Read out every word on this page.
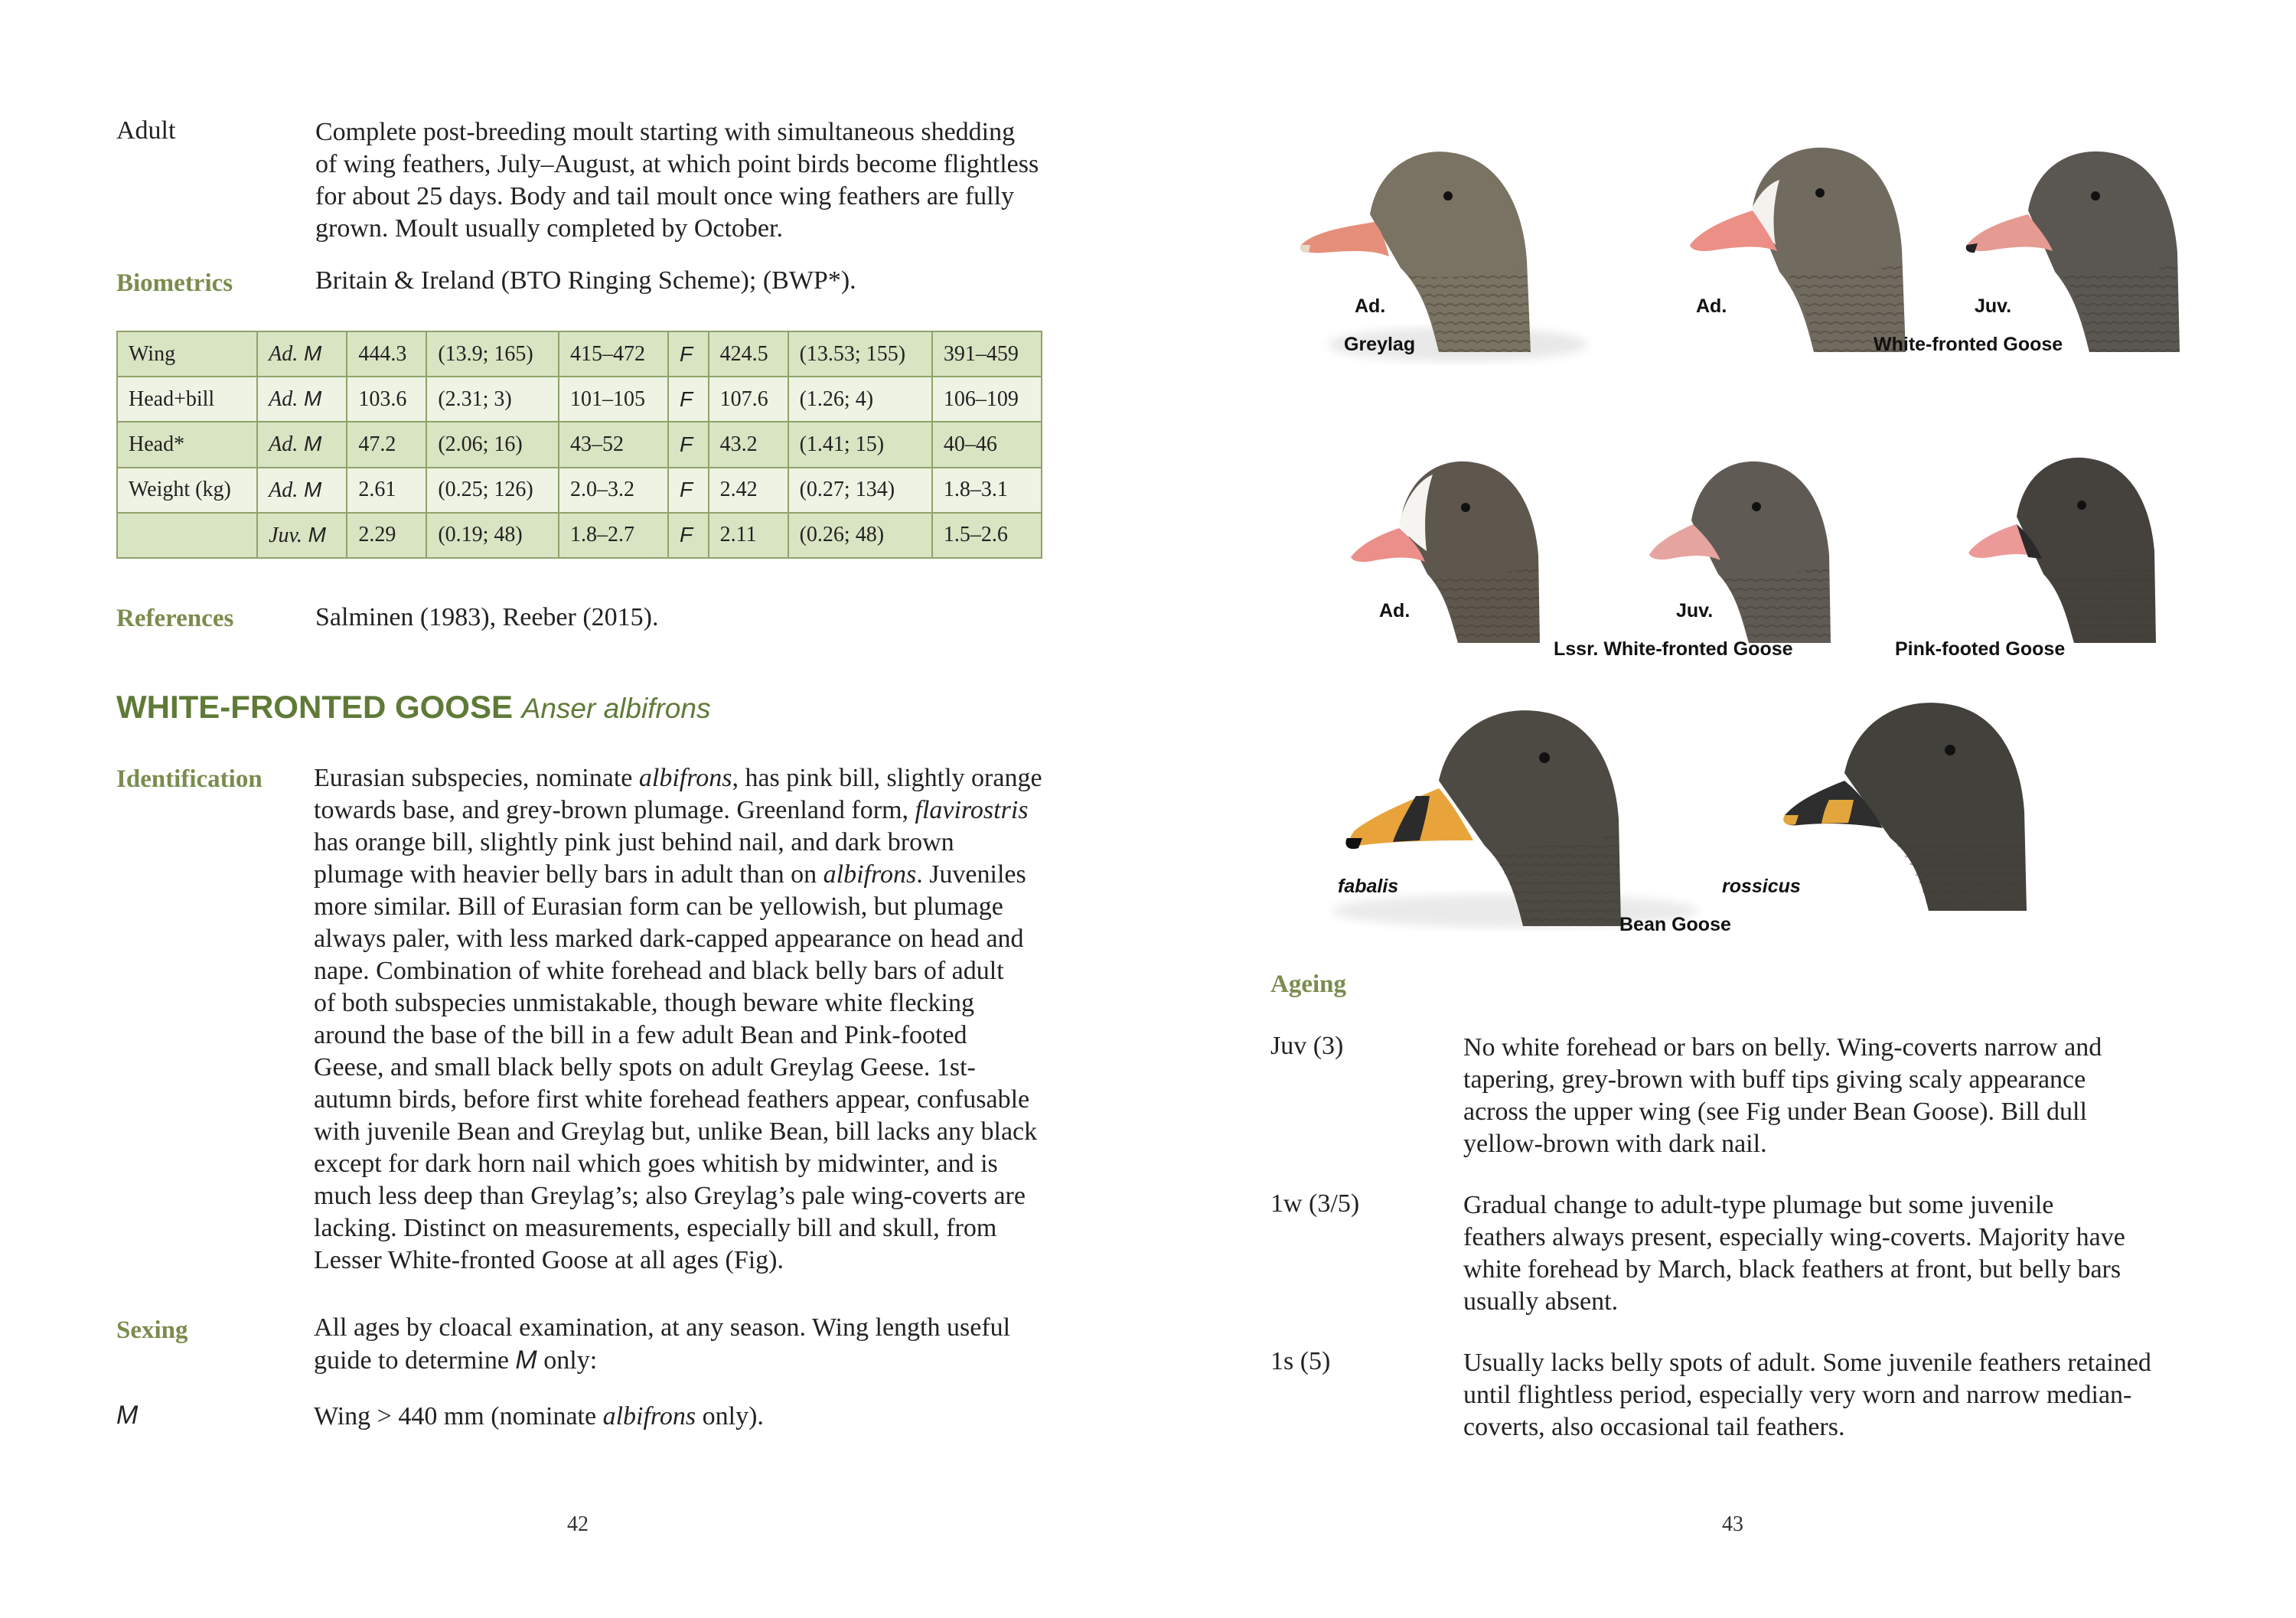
Adult	Complete post-breeding moult starting with simultaneous shedding
of wing feathers, July–August, at which point birds become flightless
for about 25 days. Body and tail moult once wing feathers are fully
grown. Moult usually completed by October.
Biometrics	Britain & Ireland (BTO Ringing Scheme); (BWP*).
Wing	Ad. M	444.3	(13.9; 165)	415–472	F	424.5	(13.53; 155)	391–459
Head+bill	Ad. M	103.6	(2.31; 3)	101–105	F	107.6	(1.26; 4)	106–109
Head*	Ad. M	47.2	(2.06; 16)	43–52	F	43.2	(1.41; 15)	40–46
Weight (kg)	Ad. M	2.61	(0.25; 126)	2.0–3.2	F	2.42	(0.27; 134)	1.8–3.1
	Juv. M	2.29	(0.19; 48)	1.8–2.7	F	2.11	(0.26; 48)	1.5–2.6
References	Salminen (1983), Reeber (2015).
WHITE-FRONTED GOOSE Anser albifrons
Identification Eurasian subspecies, nominate albifrons, has pink bill, slightly orange
towards base, and grey-brown plumage. Greenland form, flavirostris
has orange bill, slightly pink just behind nail, and dark brown
plumage with heavier belly bars in adult than on albifrons. Juveniles
more similar. Bill of Eurasian form can be yellowish, but plumage
always paler, with less marked dark-capped appearance on head and
nape. Combination of white forehead and black belly bars of adult
of both subspecies unmistakable, though beware white flecking
around the base of the bill in a few adult Bean and Pink-footed
Geese, and small black belly spots on adult Greylag Geese. 1st-
autumn birds, before first white forehead feathers appear, confusable
with juvenile Bean and Greylag but, unlike Bean, bill lacks any black
except for dark horn nail which goes whitish by midwinter, and is
much less deep than Greylag’s; also Greylag’s pale wing-coverts are
lacking. Distinct on measurements, especially bill and skull, from
Lesser White-fronted Goose at all ages (Fig).
Sexing	All ages by cloacal examination, at any season. Wing length useful
guide to determine M only:
M	Wing > 440 mm (nominate albifrons only).
42
Ad.
Greylag
Ad.	Juv.
White-fronted Goose
Ad.	Juv.
Lssr. White-fronted Goose	Pink-footed Goose
fabalis	rossicus
Bean Goose
Ageing
Juv (3)	No white forehead or bars on belly. Wing-coverts narrow and
tapering, grey-brown with buff tips giving scaly appearance
across the upper wing (see Fig under Bean Goose). Bill dull
yellow-brown with dark nail.
1w (3/5)	Gradual change to adult-type plumage but some juvenile
feathers always present, especially wing-coverts. Majority have
white forehead by March, black feathers at front, but belly bars
usually absent.
1s (5)	Usually lacks belly spots of adult. Some juvenile feathers retained
until flightless period, especially very worn and narrow median-
coverts, also occasional tail feathers.
43
